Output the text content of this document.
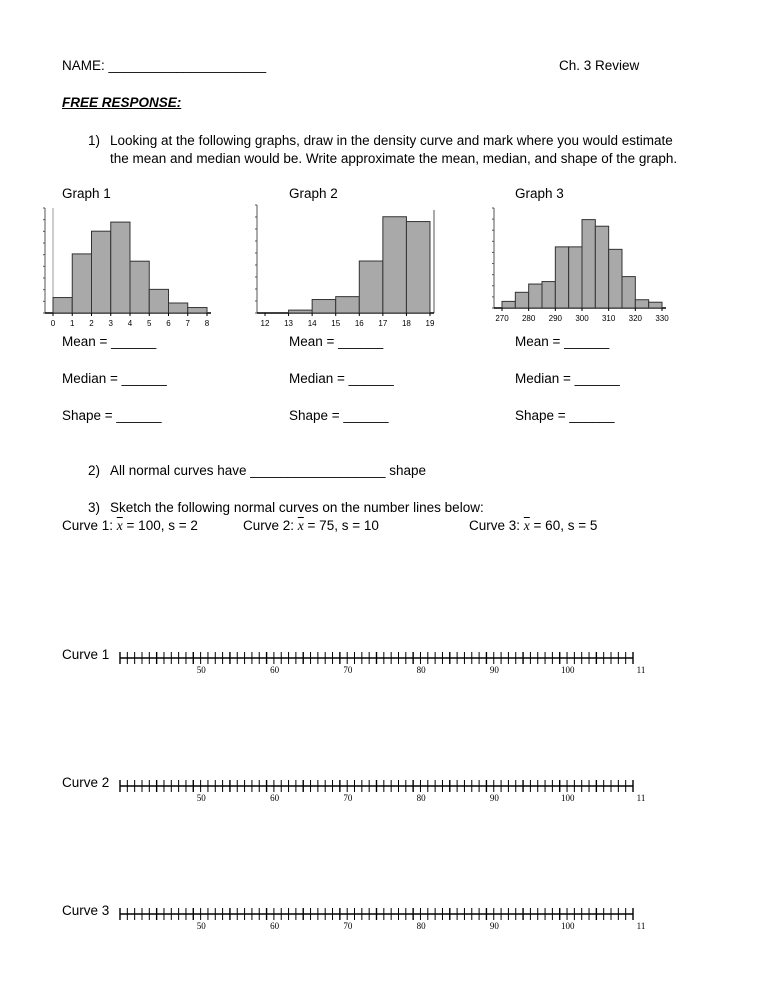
NAME: _____________________	Ch. 3 Review
FREE RESPONSE:
1) Looking at the following graphs, draw in the density curve and mark where you would estimate
the mean and median would be. Write approximate the mean, median, and shape of the graph.
Graph 1	Graph 2	Graph 3
0 1 2 3 4 5 6 7 8	12 13 14 15 16 17 18 19
270 280 290 300 310 320 330
Mean = ______	Mean = ______	Mean = ______
Median = ______	Median = ______	Median = ______
Shape = ______	Shape = ______	Shape = ______
2) All normal curves have __________________ shape
3) Sketch the following normal curves on the number lines below:
Curve 1: $\overline{x} = 100$, s = 2	Curve 2: $\overline{x} = 75$, s = 10	Curve 3: $\overline{x} = 60$, s = 5
Curve 1
50	60	70	80	90	100	11
Curve 2
50	60	70	80	90	100	11
Curve 3
50	60	70	80	90	100	11
